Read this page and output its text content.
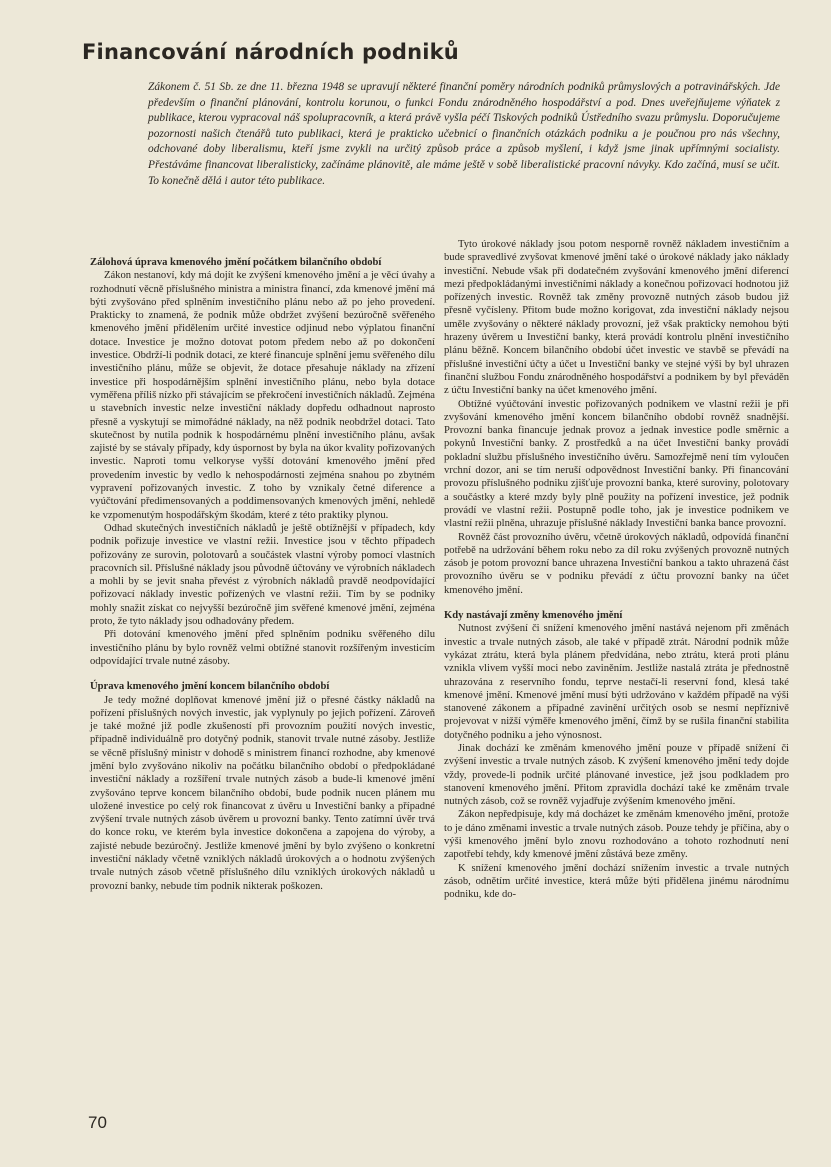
Financování národních podniků
Zákonem č. 51 Sb. ze dne 11. března 1948 se upravují některé finanční poměry národních podniků průmyslových a potravinářských. Jde především o finanční plánování, kontrolu korunou, o funkci Fondu znárodněného hospodářství a pod. Dnes uveřejňujeme výňatek z publikace, kterou vypracoval náš spolupracovník, a která právě vyšla péčí Tiskových podniků Ústředního svazu průmyslu. Doporučujeme pozornosti našich čtenářů tuto publikaci, která je prakticko učebnicí o finančních otázkách podniku a je poučnou pro nás všechny, odchované doby liberalismu, kteří jsme zvykli na určitý způsob práce a způsob myšlení, i když jsme jinak upřímnými socialisty. Přestáváme financovat liberalisticky, začínáme plánovitě, ale máme ještě v sobě liberalistické pracovní návyky. Kdo začíná, musí se učit. To konečně dělá i autor této publikace.
Zálohová úprava kmenového jmění počátkem bilančního období

Zákon nestanoví, kdy má dojít ke zvýšení kmenového jmění a je věcí úvahy a rozhodnutí věcně příslušného ministra a ministra financí, zda kmenové jmění má býti zvyšováno před splněním investičního plánu nebo až po jeho provedení. Prakticky to znamená, že podnik může obdržet zvýšení bezúročně svěřeného kmenového jmění přidělením určité investice odjinud nebo výplatou finanční dotace. Investice je možno dotovat potom předem nebo až po dokončení investice. Obdrží-li podnik dotaci, ze které financuje splnění jemu svěřeného dílu investičního plánu, může se objevit, že dotace přesahuje náklady na zřízení investice při hospodárnějším splnění investičního plánu, nebo byla dotace vyměřena příliš nízko při stávajícím se překročení investičních nákladů. Zejména u stavebních investic nelze investiční náklady dopředu odhadnout naprosto přesně a vyskytují se mimořádné náklady, na něž podnik neobdržel dotaci. Tato skutečnost by nutila podnik k hospodárnému plnění investičního plánu, avšak zajisté by se stávaly případy, kdy úspornost by byla na úkor kvality pořizovaných investic. Naproti tomu velkoryse vyšší dotování kmenového jmění před provedením investic by vedlo k nehospodárnosti zejména snahou po zbytném vypravení pořizovaných investic. Z toho by vznikaly četné diference a vyúčtování předimensovaných a poddimensovaných kmenových jmění, nehledě ke vzpomenutým hospodářským škodám, které z této praktiky plynou.

Odhad skutečných investičních nákladů je ještě obtížnější v případech, kdy podnik pořizuje investice ve vlastní režii. Investice jsou v těchto případech pořizovány ze surovin, polotovarů a součástek vlastní výroby pomocí vlastních pracovních sil. Příslušné náklady jsou původně účtovány ve výrobních nákladech a mohli by se jevit snaha převést z výrobních nákladů pravdě neodpovídající pořizovací náklady investic pořízených ve vlastní režii. Tím by se podniky mohly snažit získat co nejvyšší bezúročně jim svěřené kmenové jmění, zejména proto, že tyto náklady jsou odhadovány předem.

Při dotování kmenového jmění před splněním podniku svěřeného dílu investičního plánu by bylo rovněž velmi obtížné stanovit rozšířeným investicím odpovídající trvale nutné zásoby.

Úprava kmenového jmění koncem bilančního období

Je tedy možné doplňovat kmenové jmění již o přesné částky nákladů na pořízení příslušných nových investic, jak vyplynuly po jejich pořízení. Zároveň je také možné již podle zkušeností při provozním použití nových investic, případně individuálně pro dotyčný podnik, stanovit trvale nutné zásoby. Jestliže se věcně příslušný ministr v dohodě s ministrem financí rozhodne, aby kmenové jmění bylo zvyšováno nikoliv na počátku bilančního období o předpokládané investiční náklady a rozšíření trvale nutných zásob a bude-li kmenové jmění zvyšováno teprve koncem bilančního období, bude podnik nucen plánem mu uložené investice po celý rok financovat z úvěru u Investiční banky a případné zvýšení trvale nutných zásob úvěrem u provozní banky. Tento zatímní úvěr trvá do konce roku, ve kterém byla investice dokončena a zapojena do výroby, a zajisté nebude bezúročný. Jestliže kmenové jmění by bylo zvýšeno o konkretní investiční náklady včetně vzniklých nákladů úrokových a o hodnotu zvýšených trvale nutných zásob včetně příslušného dílu vzniklých úrokových nákladů u provozní banky, nebude tím podnik nikterak poškozen.

Tyto úrokové náklady jsou potom nesporně rovněž nákladem investičním a bude spravedlivé zvyšovat kmenové jmění také o úrokové náklady jako náklady investiční. Nebude však při dodatečném zvyšování kmenového jmění diferencí mezi předpokládanými investičními náklady a konečnou pořizovací hodnotou již pořízených investic. Rovněž tak změny provozně nutných zásob budou již přesně vyčísleny. Přitom bude možno korigovat, zda investiční náklady nejsou uměle zvyšovány o některé náklady provozní, jež však prakticky nemohou býti hrazeny úvěrem u Investiční banky, která provádí kontrolu plnění investičního plánu běžně. Koncem bilančního období účet investic ve stavbě se převádí na příslušné investiční účty a účet u Investiční banky ve stejné výši by byl uhrazen finanční službou Fondu znárodněného hospodářství a podnikem by byl převáděn z účtu Investiční banky na účet kmenového jmění.

Obtížné vyúčtování investic pořizovaných podnikem ve vlastní režii je při zvyšování kmenového jmění koncem bilančního období rovněž snadnější. Provozní banka financuje jednak provoz a jednak investice podle směrnic a pokynů Investiční banky. Z prostředků a na účet Investiční banky provádí pokladní službu příslušného investičního úvěru. Samozřejmě není tím vyloučen vrchní dozor, ani se tím neruší odpovědnost Investiční banky. Při financování provozu příslušného podniku zjišťuje provozní banka, které suroviny, polotovary a součástky a které mzdy byly plně použity na pořízení investice, jež podnik provádí ve vlastní režii. Postupně podle toho, jak je investice podnikem ve vlastní režii plněna, uhrazuje příslušné náklady Investiční banka bance provozní.

Rovněž část provozního úvěru, včetně úrokových nákladů, odpovídá finanční potřebě na udržování během roku nebo za díl roku zvýšených provozně nutných zásob je potom provozní bance uhrazena Investiční bankou a takto uhrazená část provozního úvěru se v podniku převádí z účtu provozní banky na účet kmenového jmění.

Kdy nastávají změny kmenového jmění

Nutnost zvýšení či snížení kmenového jmění nastává nejenom při změnách investic a trvale nutných zásob, ale také v případě ztrát. Národní podnik může vykázat ztrátu, která byla plánem předvídána, nebo ztrátu, která proti plánu vznikla vlivem vyšší moci nebo zaviněním. Jestliže nastalá ztráta je přednostně uhrazována z reservního fondu, teprve nestačí-li reservní fond, klesá také kmenové jmění. Kmenové jmění musí býti udržováno v každém případě na výši stanovené zákonem a případné zavinění určitých osob se nesmí nepříznivě projevovat v nižší výměře kmenového jmění, čímž by se rušila finanční stabilita dotyčného podniku a jeho výnosnost.

Jinak dochází ke změnám kmenového jmění pouze v případě snížení či zvýšení investic a trvale nutných zásob. K zvýšení kmenového jmění tedy dojde vždy, provede-li podnik určité plánované investice, jež jsou podkladem pro stanovení kmenového jmění. Přitom zpravidla dochází také ke změnám trvale nutných zásob, což se rovněž vyjadřuje zvýšením kmenového jmění.

Zákon nepředpisuje, kdy má docházet ke změnám kmenového jmění, protože to je dáno změnami investic a trvale nutných zásob. Pouze tehdy je příčina, aby o výši kmenového jmění bylo znovu rozhodováno a tohoto rozhodnutí není zapotřebí tehdy, kdy kmenové jmění zůstává beze změny.

K snížení kmenového jmění dochází snížením investic a trvale nutných zásob, odnětím určité investice, která může býti přidělena jinému národnímu podniku, kde do-

70
